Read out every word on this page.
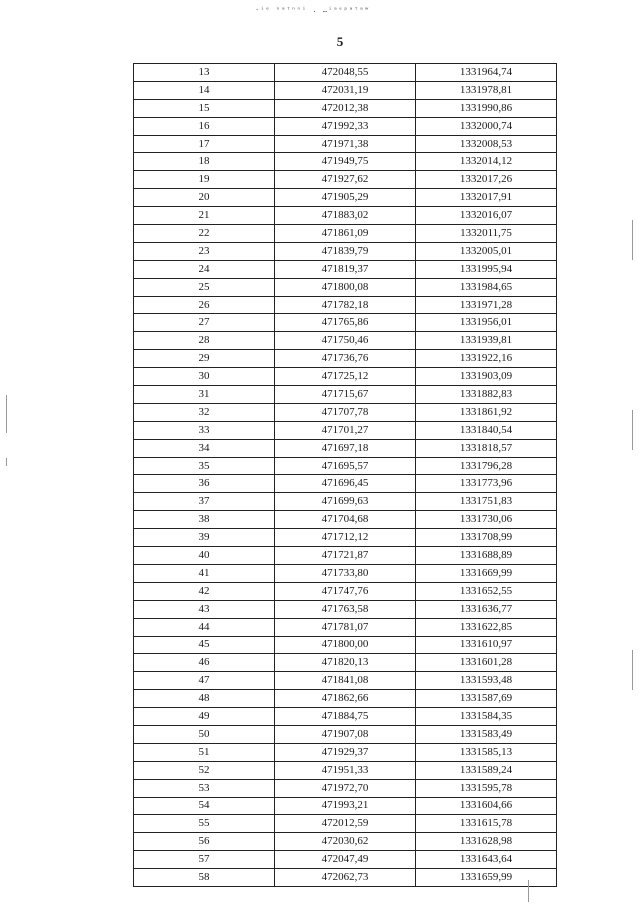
·ⁱᵉ ⁿᵃᵗⁿⁿⁱ . …ⁱᵃᵉᵖᵃᵗᵃʷ
5
13	472048,55	1331964,74
14	472031,19	1331978,81
15	472012,38	1331990,86
16	471992,33	1332000,74
17	471971,38	1332008,53
18	471949,75	1332014,12
19	471927,62	1332017,26
20	471905,29	1332017,91
21	471883,02	1332016,07
22	471861,09	1332011,75
23	471839,79	1332005,01
24	471819,37	1331995,94
25	471800,08	1331984,65
26	471782,18	1331971,28
27	471765,86	1331956,01
28	471750,46	1331939,81
29	471736,76	1331922,16
30	471725,12	1331903,09
31	471715,67	1331882,83
32	471707,78	1331861,92
33	471701,27	1331840,54
34	471697,18	1331818,57
35	471695,57	1331796,28
36	471696,45	1331773,96
37	471699,63	1331751,83
38	471704,68	1331730,06
39	471712,12	1331708,99
40	471721,87	1331688,89
41	471733,80	1331669,99
42	471747,76	1331652,55
43	471763,58	1331636,77
44	471781,07	1331622,85
45	471800,00	1331610,97
46	471820,13	1331601,28
47	471841,08	1331593,48
48	471862,66	1331587,69
49	471884,75	1331584,35
50	471907,08	1331583,49
51	471929,37	1331585,13
52	471951,33	1331589,24
53	471972,70	1331595,78
54	471993,21	1331604,66
55	472012,59	1331615,78
56	472030,62	1331628,98
57	472047,49	1331643,64
58	472062,73	1331659,99
